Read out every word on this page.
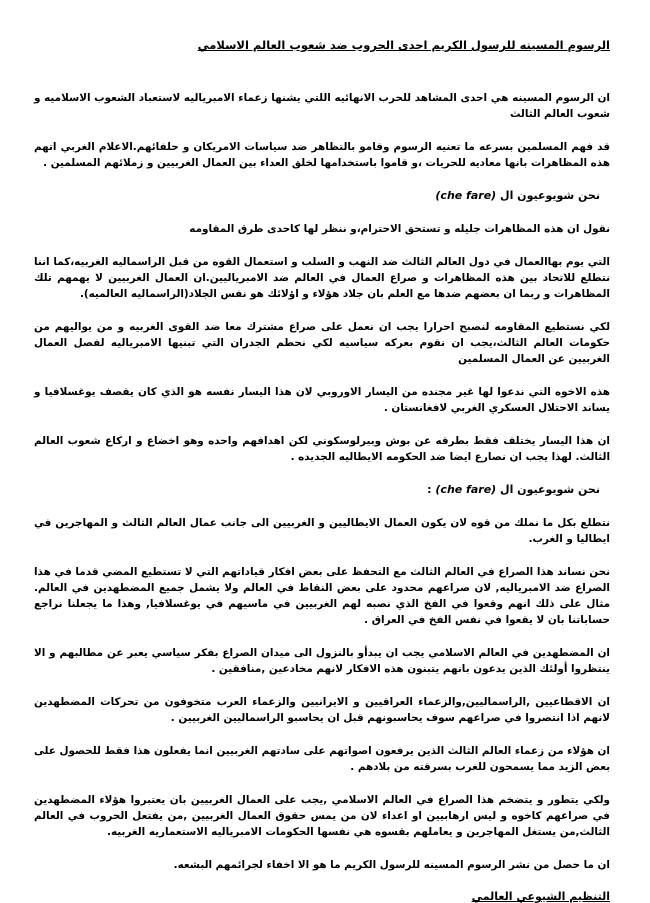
الرسوم المسينه للرسول الكريم احدى الحروب ضد شعوب العالم الاسلامي
ان الرسوم المسينه هي احدى المشاهد للحرب الانهائيه اللتي يشنها زعماء الامبرياليه لاستعباد الشعوب الاسلاميه و شعوب العالم الثالث
قد فهم المسلمين بسرعه ما تعنيه الرسوم وقامو بالتظاهر ضد سياسات الامريكان و حلفائهم.الاعلام الغربي اتهم هذه المظاهرات بانها معاديه للحريات ،و قاموا باستخدامها لخلق العداء بين العمال الغربيين و زملائهم المسلمين .
نحن شويوعيون ال (che fare)
نقول ان هذه المظاهرات جليله و تستحق الاحترام،و ننظر لها كاحدى طرق المقاومه
التي يوم بهاالعمال في دول العالم الثالث ضد النهب و السلب و استعمال القوه من قبل الراسماليه الغربيه،كما اننا نتطلع للاتحاد بين هذه المظاهرات و صراع العمال في العالم ضد الامبرياليين.ان العمال الغربيين لا يهمهم تلك المظاهرات و ربما ان بعضهم ضدها مع العلم بان جلاد هؤلاء و اؤلائك هو نفس الجلاد(الراسماليه العالميه).
لكي نستطيع المقاومه لنصبح احرارا يجب ان نعمل على صراع مشترك معا ضد القوى الغربيه و من يواليهم من حكومات العالم الثالث،يجب ان نقوم بعركه سياسيه لكي نحطم الجدران التي تبنيها الامبرياليه لفصل العمال الغربيين عن العمال المسلمين
هذه الاخوه التي ندعوا لها غير مجنده من اليسار الاوروبي لان هذا اليسار نفسه هو الذي كان يقصف يوغسلافيا و يساند الاحتلال العسكري الغربي لافغانستان .
ان هذا اليسار يختلف فقط بطرقه عن بوش وبيرلوسكوني لكن اهدافهم واحده وهو اخضاع و اركاع شعوب العالم الثالث. لهذا يجب ان نصارع ايضا ضد الحكومه الايطاليه الجديده .
نحن شويوعيون ال (che fare) :
نتطلع بكل ما نملك من قوه لان يكون العمال الايطاليين و الغربيين الى جانب عمال العالم الثالث و المهاجرين في ايطاليا و الغرب.
نحن نساند هذا الصراع في العالم الثالث مع التحفظ على بعض افكار قياداتهم التي لا تستطيع المضي قدما في هذا الصراع ضد الامبرياليه, لان صراعهم محدود على بعض النقاط في العالم ولا يشمل جميع المضطهدين في العالم. مثال على ذلك انهم وقعوا في الفخ الذي نصبه لهم الغربيين في ماسيهم في يوغسلافيا, وهذا ما يجعلنا نراجع حساباتنا بان لا يقعوا في نفس الفخ في العراق .
ان المضطهدين في العالم الاسلامي يجب ان يبدأو بالنزول الى ميدان الصراع بفكر سياسي يعبر عن مطالبهم و الا ينتظروا أولئك الذين يدعون بانهم يتبنون هذه الافكار لانهم مخادعين ,منافقين .
ان الاقطاعيين ,الراسماليين,والزعماء العراقيين و الايرانيين والزعماء العرب متخوفون من تحركات المضطهدين لانهم اذا انتصروا في صراعهم سوف يحاسبونهم قبل ان يحاسبو الراسماليين الغربيين .
ان هؤلاء من زعماء العالم الثالث الذين يرفعون اصواتهم على سادتهم الغربيين انما يفعلون هذا فقط للحصول على بعض الزيد مما يسمحون للغرب بسرقته من بلادهم .
ولكي يتطور و يتضخم هذا الصراع في العالم الاسلامي ,يجب على العمال الغربيين بان يعتبروا هؤلاء المضطهدين في صراعهم كاخوه و ليس ارهابيين او اعداء لان من يمس حقوق العمال الغربيين ,من يفتعل الحروب في العالم الثالث,من يستغل المهاجرين و يعاملهم بقسوه هي نفسها الحكومات الامبرياليه الاستعماريه الغربيه.
ان ما حصل من نشر الرسوم المسينه للرسول الكريم ما هو الا اخفاء لجرائمهم البشعه.
التنظيم الشيوعي العالمي
